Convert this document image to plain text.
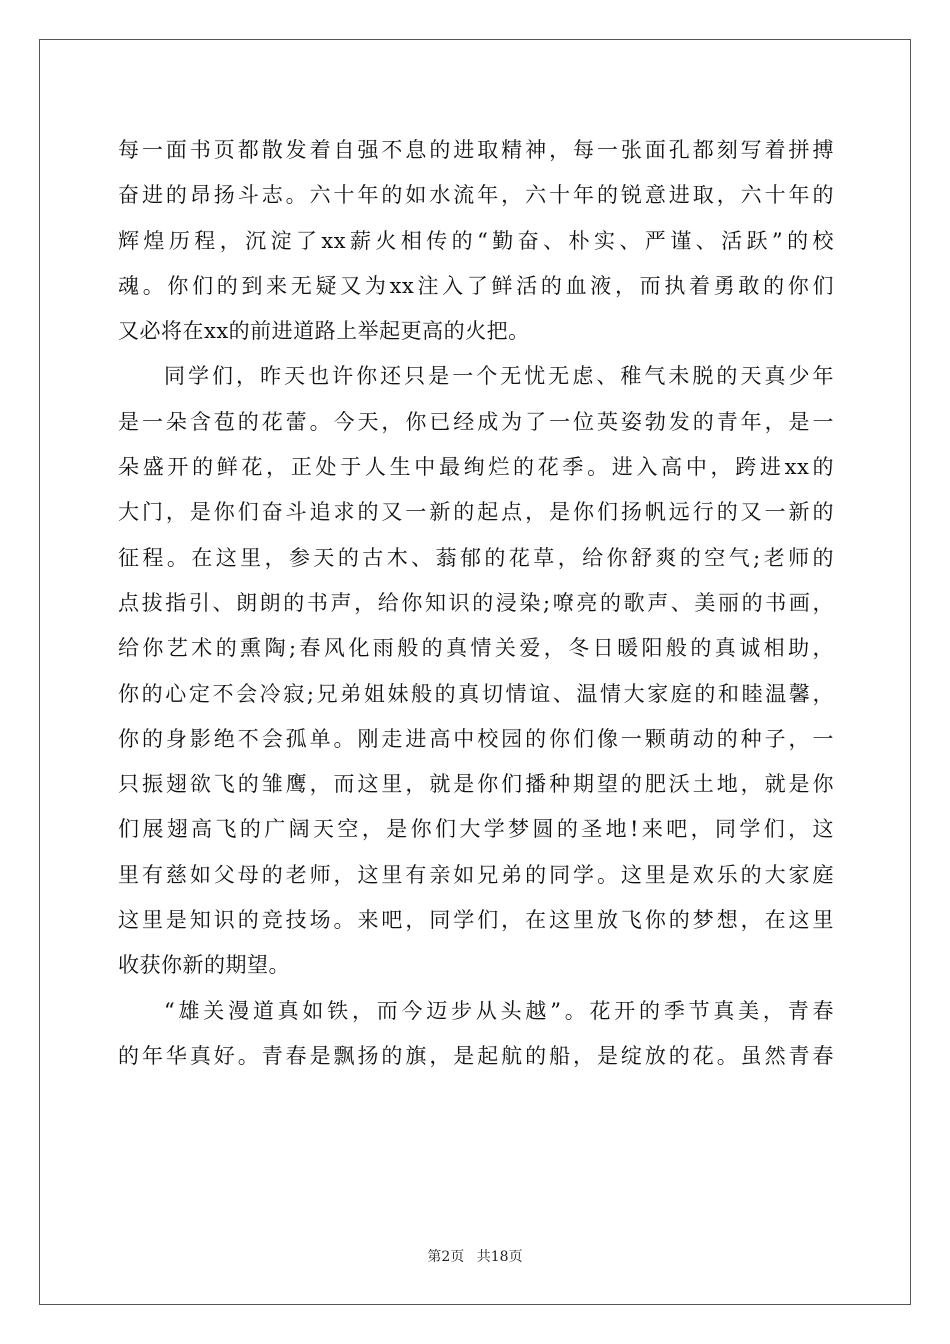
每一面书页都散发着自强不息的进取精神，每一张面孔都刻写着拼搏
奋进的昂扬斗志。六十年的如水流年，六十年的锐意进取，六十年的
辉煌历程，沉淀了xx薪火相传的“勤奋、朴实、严谨、活跃”的校
魂。你们的到来无疑又为xx注入了鲜活的血液，而执着勇敢的你们
又必将在xx的前进道路上举起更高的火把。
同学们，昨天也许你还只是一个无忧无虑、稚气未脱的天真少年
是一朵含苞的花蕾。今天，你已经成为了一位英姿勃发的青年，是一
朵盛开的鲜花，正处于人生中最绚烂的花季。进入高中，跨进xx的
大门，是你们奋斗追求的又一新的起点，是你们扬帆远行的又一新的
征程。在这里，参天的古木、蓊郁的花草，给你舒爽的空气;老师的
点拔指引、朗朗的书声，给你知识的浸染;嘹亮的歌声、美丽的书画，
给你艺术的熏陶;春风化雨般的真情关爱，冬日暖阳般的真诚相助，
你的心定不会冷寂;兄弟姐妹般的真切情谊、温情大家庭的和睦温馨，
你的身影绝不会孤单。刚走进高中校园的你们像一颗萌动的种子，一
只振翅欲飞的雏鹰，而这里，就是你们播种期望的肥沃土地，就是你
们展翅高飞的广阔天空，是你们大学梦圆的圣地!来吧，同学们，这
里有慈如父母的老师，这里有亲如兄弟的同学。这里是欢乐的大家庭
这里是知识的竞技场。来吧，同学们，在这里放飞你的梦想，在这里
收获你新的期望。
“雄关漫道真如铁，而今迈步从头越”。花开的季节真美，青春
的年华真好。青春是飘扬的旗，是起航的船，是绽放的花。虽然青春
第2页 共18页
